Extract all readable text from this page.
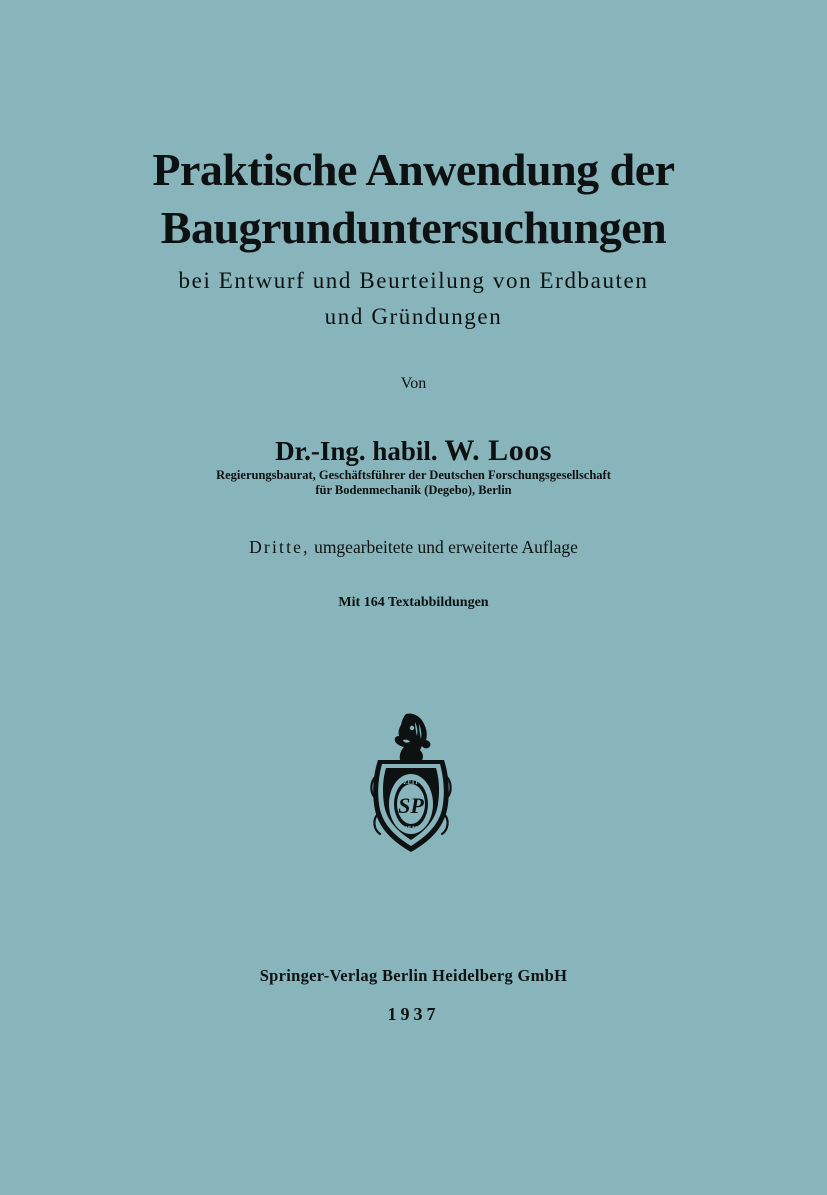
Praktische Anwendung der

Baugrunduntersuchungen

bei Entwurf und Beurteilung von Erdbauten

und Gründungen

Von

Dr.-Ing. habil. W. Loos

Regierungsbaurat, Geschäftsführer der Deutschen Forschungsgesellschaft

für Bodenmechanik (Degebo), Berlin

Dritte, umgearbeitete und erweiterte Auflage

Mit 164 Textabbildungen

ZEIT
1842
SP

Springer-Verlag Berlin Heidelberg GmbH

1937
